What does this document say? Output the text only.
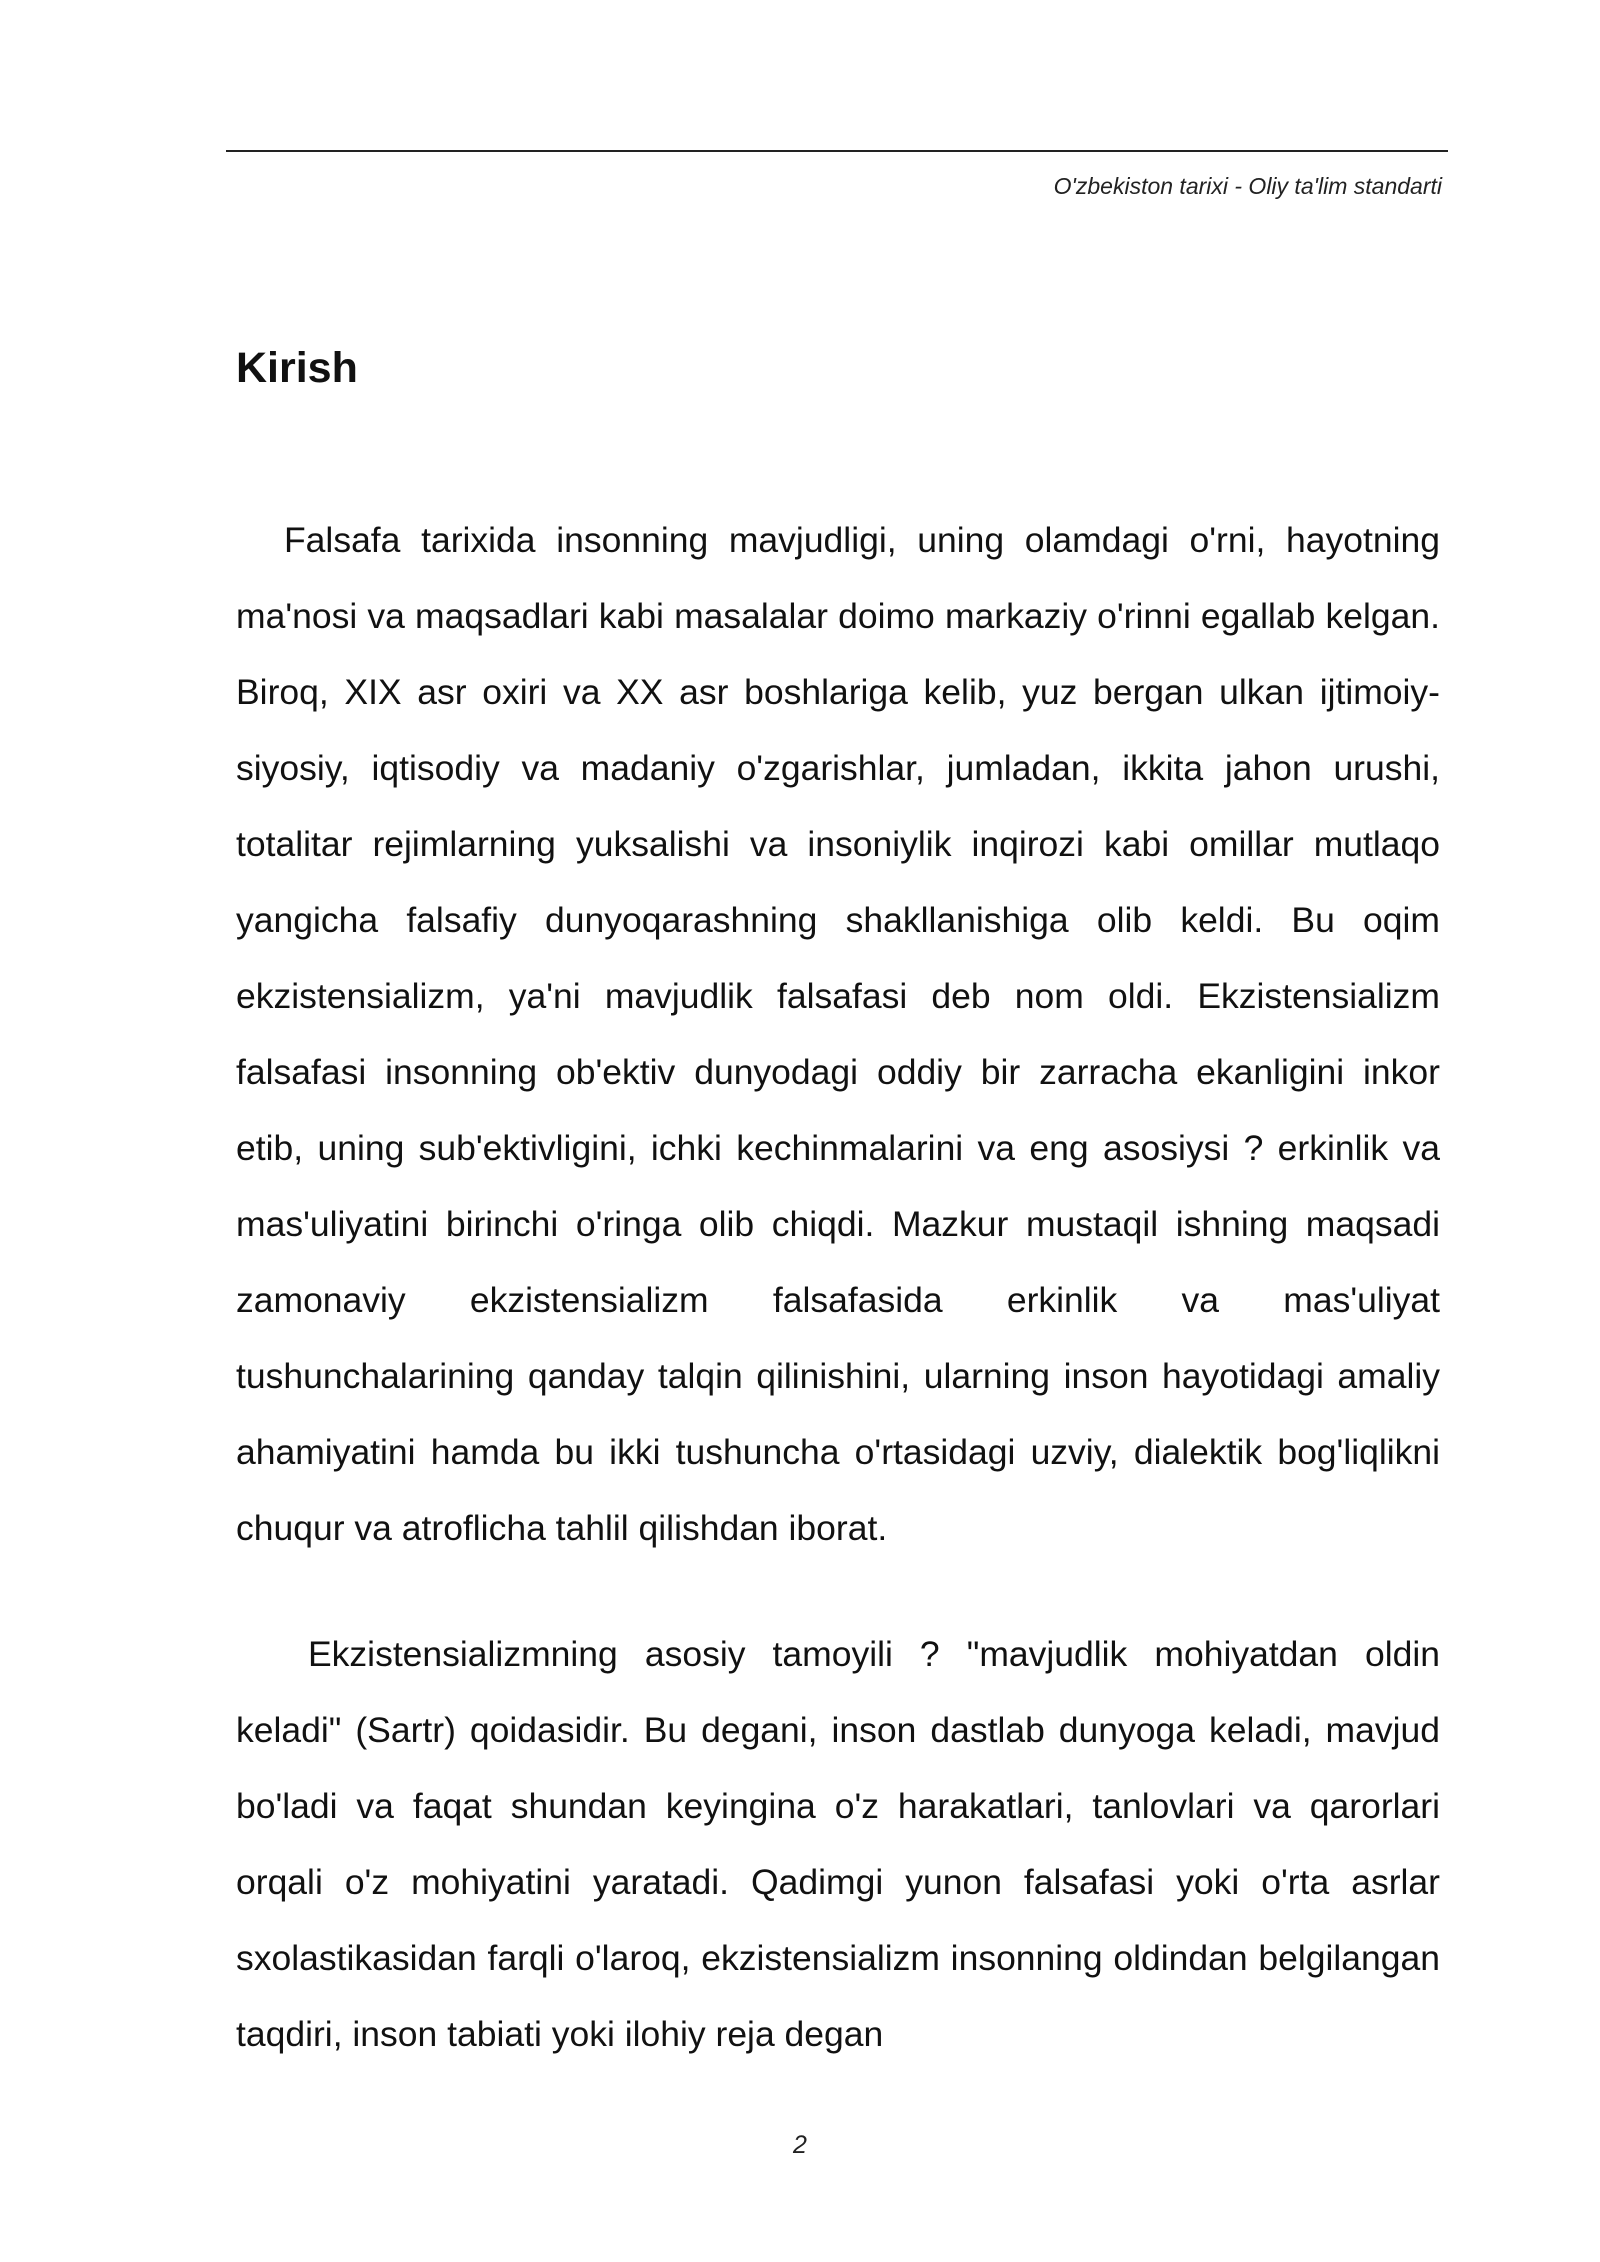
O'zbekiston tarixi - Oliy ta'lim standarti
Kirish

Falsafa tarixida insonning mavjudligi, uning olamdagi o'rni, hayotning ma'nosi va maqsadlari kabi masalalar doimo markaziy o'rinni egallab kelgan. Biroq, XIX asr oxiri va XX asr boshlariga kelib, yuz bergan ulkan ijtimoiy-siyosiy, iqtisodiy va madaniy o'zgarishlar, jumladan, ikkita jahon urushi, totalitar rejimlarning yuksalishi va insoniylik inqirozi kabi omillar mutlaqo yangicha falsafiy dunyoqarashning shakllanishiga olib keldi. Bu oqim ekzistensializm, ya'ni mavjudlik falsafasi deb nom oldi. Ekzistensializm falsafasi insonning ob'ektiv dunyodagi oddiy bir zarracha ekanligini inkor etib, uning sub'ektivligini, ichki kechinmalarini va eng asosiysi ? erkinlik va mas'uliyatini birinchi o'ringa olib chiqdi. Mazkur mustaqil ishning maqsadi zamonaviy ekzistensializm falsafasida erkinlik va mas'uliyat tushunchalarining qanday talqin qilinishini, ularning inson hayotidagi amaliy ahamiyatini hamda bu ikki tushuncha o'rtasidagi uzviy, dialektik bog'liqlikni chuqur va atroflicha tahlil qilishdan iborat.

Ekzistensializmning asosiy tamoyili ? "mavjudlik mohiyatdan oldin keladi" (Sartr) qoidasidir. Bu degani, inson dastlab dunyoga keladi, mavjud bo'ladi va faqat shundan keyingina o'z harakatlari, tanlovlari va qarorlari orqali o'z mohiyatini yaratadi. Qadimgi yunon falsafasi yoki o'rta asrlar sxolastikasidan farqli o'laroq, ekzistensializm insonning oldindan belgilangan taqdiri, inson tabiati yoki ilohiy reja degan

2
